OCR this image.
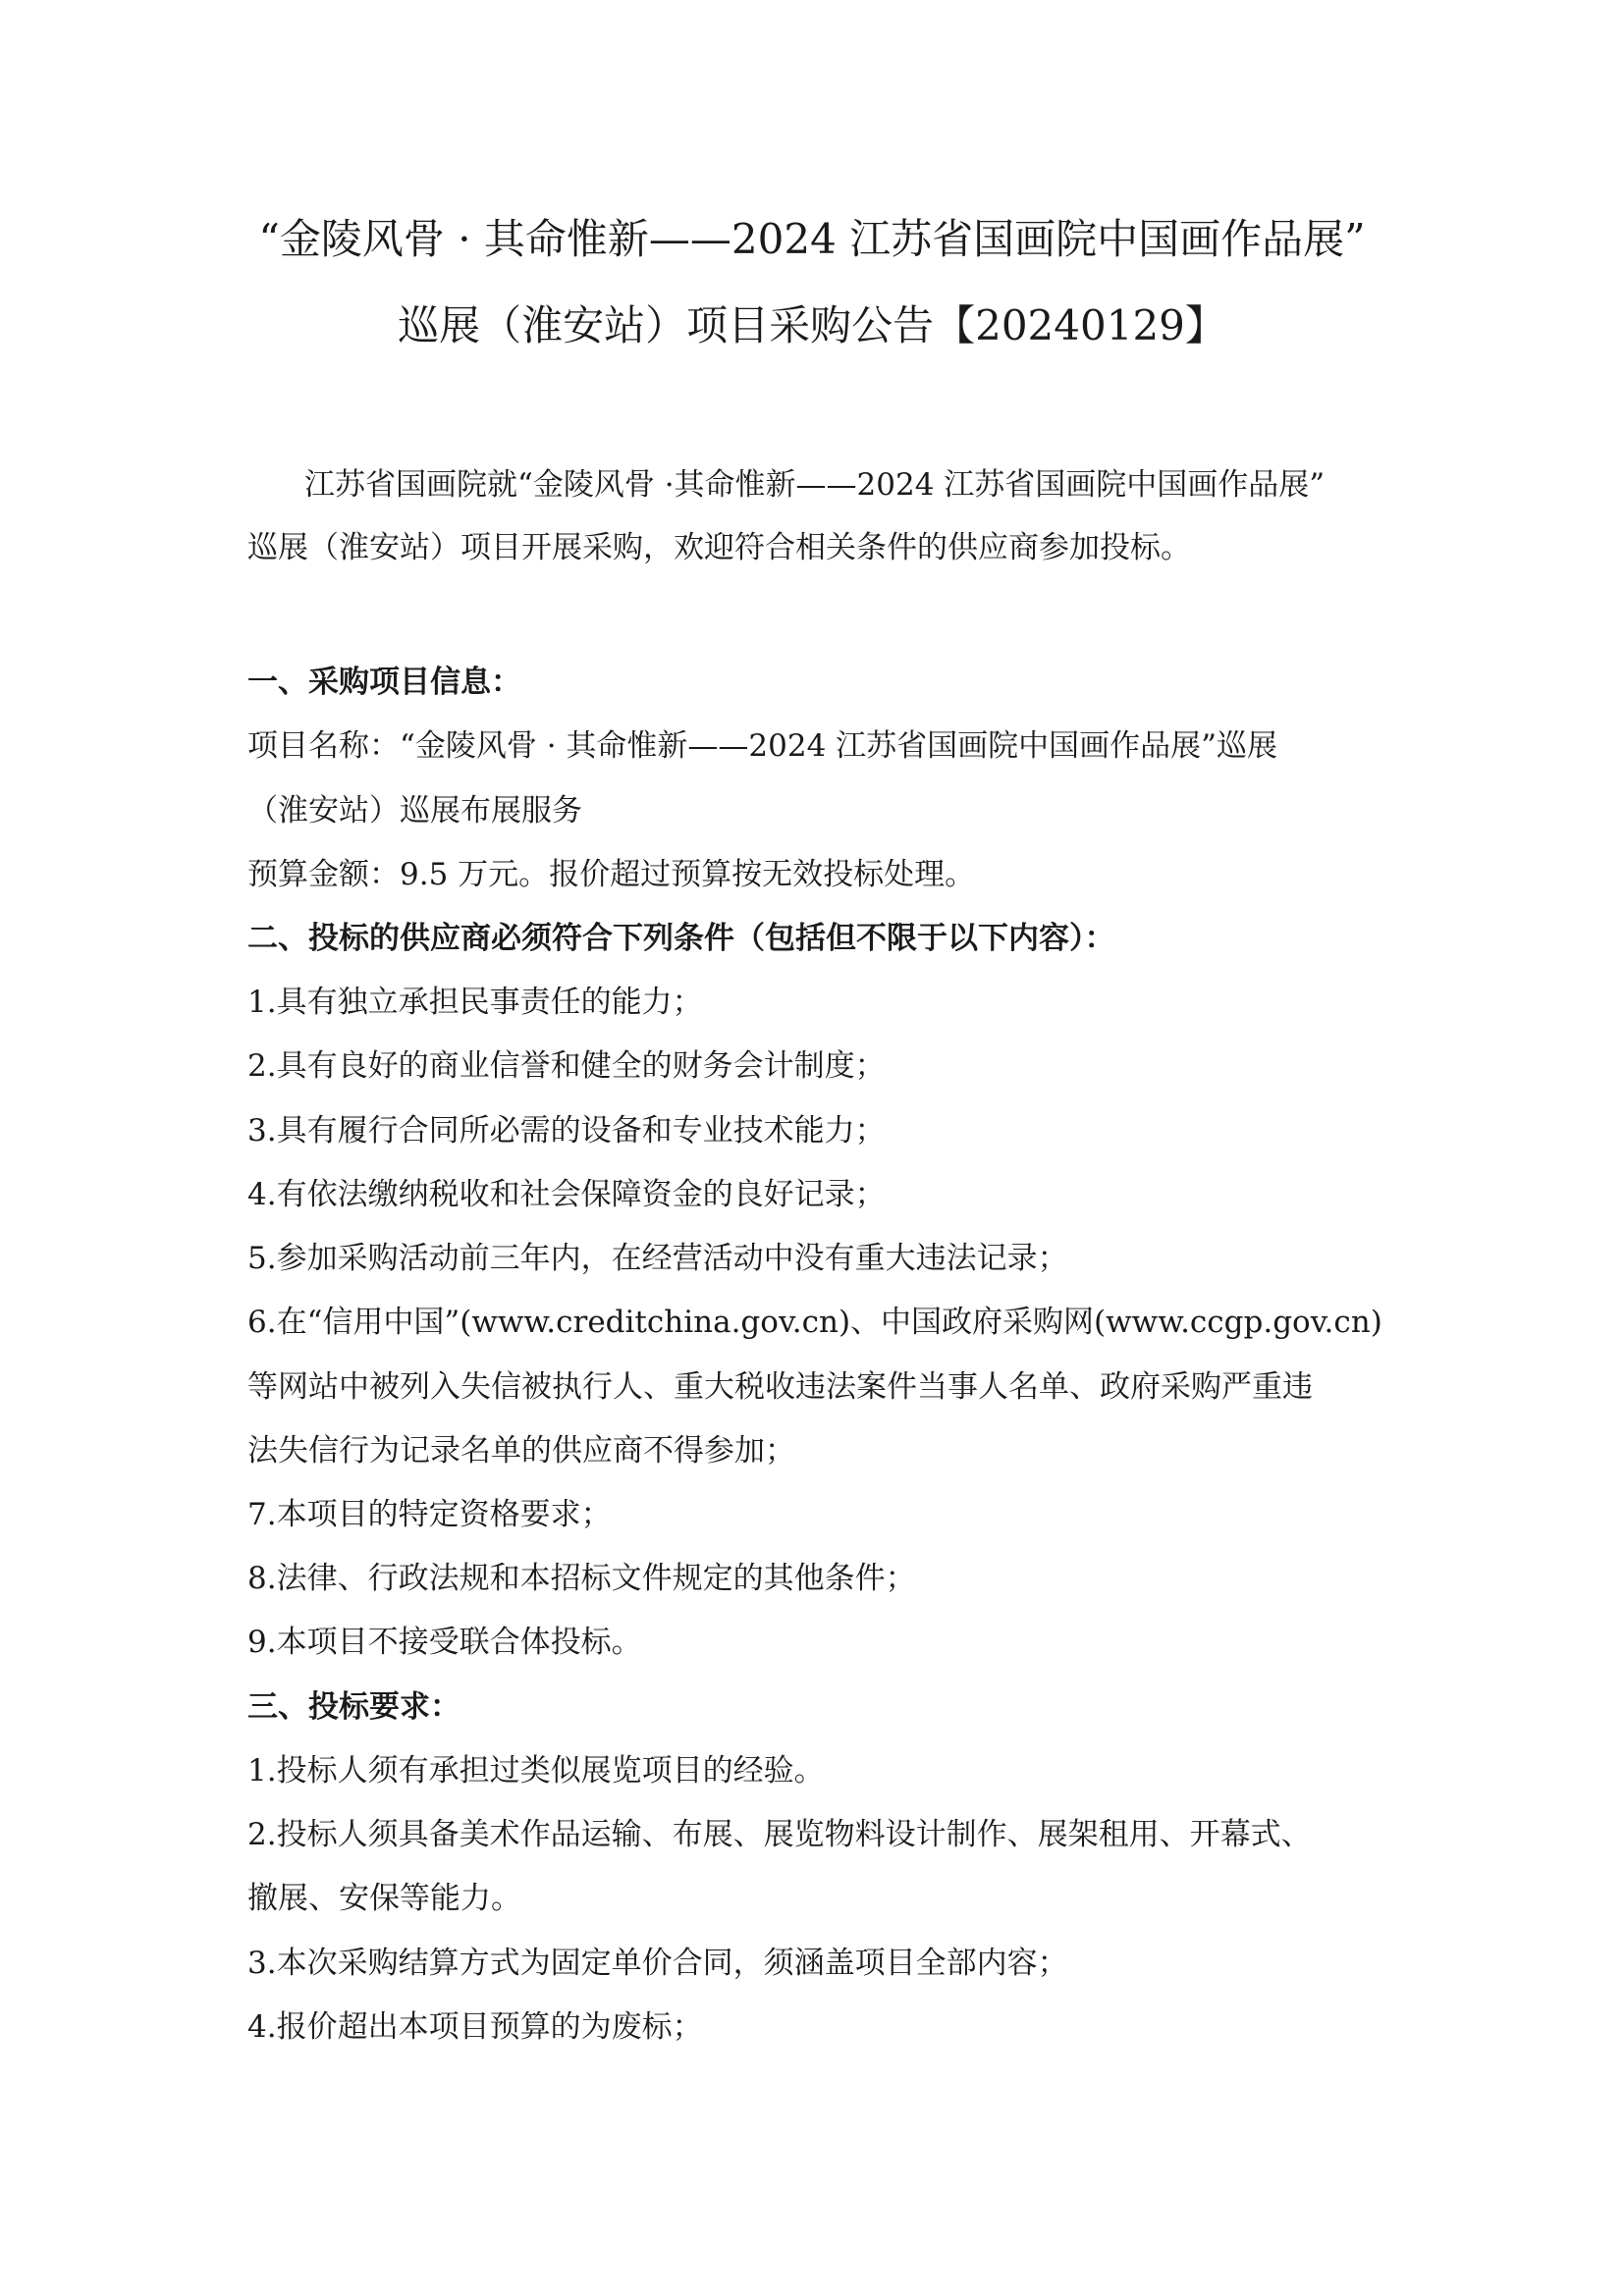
“金陵风骨 · 其命惟新——2024 江苏省国画院中国画作品展”
巡展（淮安站）项目采购公告【20240129】
江苏省国画院就“金陵风骨 ·其命惟新——2024 江苏省国画院中国画作品展”
巡展（淮安站）项目开展采购，欢迎符合相关条件的供应商参加投标。
一、采购项目信息：
项目名称：“金陵风骨 · 其命惟新——2024 江苏省国画院中国画作品展”巡展
（淮安站）巡展布展服务
预算金额：9.5 万元。报价超过预算按无效投标处理。
二、投标的供应商必须符合下列条件（包括但不限于以下内容）：
1.具有独立承担民事责任的能力；
2.具有良好的商业信誉和健全的财务会计制度；
3.具有履行合同所必需的设备和专业技术能力；
4.有依法缴纳税收和社会保障资金的良好记录；
5.参加采购活动前三年内，在经营活动中没有重大违法记录；
6.在“信用中国”(www.creditchina.gov.cn)、中国政府采购网(www.ccgp.gov.cn)
等网站中被列入失信被执行人、重大税收违法案件当事人名单、政府采购严重违
法失信行为记录名单的供应商不得参加；
7.本项目的特定资格要求；
8.法律、行政法规和本招标文件规定的其他条件；
9.本项目不接受联合体投标。
三、投标要求：
1.投标人须有承担过类似展览项目的经验。
2.投标人须具备美术作品运输、布展、展览物料设计制作、展架租用、开幕式、
撤展、安保等能力。
3.本次采购结算方式为固定单价合同，须涵盖项目全部内容；
4.报价超出本项目预算的为废标；
